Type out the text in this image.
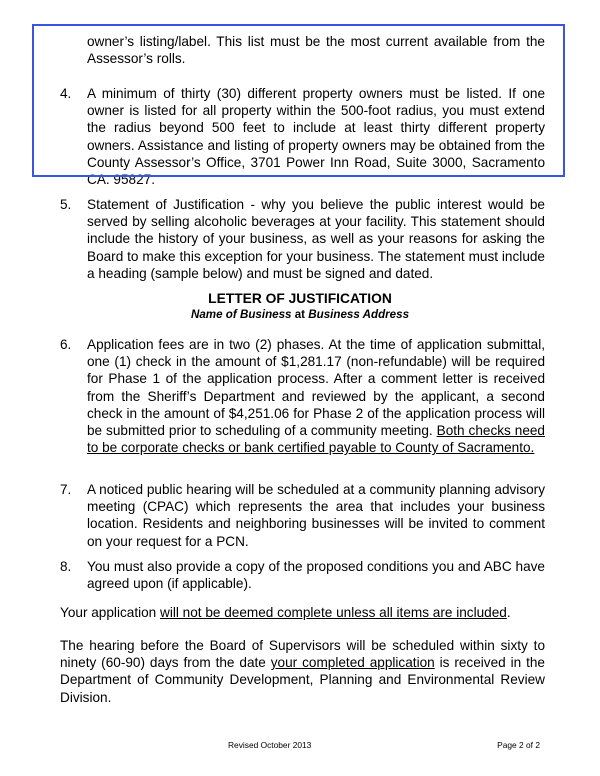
owner’s listing/label. This list must be the most current available from the
Assessor’s rolls.
4.	A minimum of thirty (30) different property owners must be listed. If one owner is listed for all property within the 500-foot radius, you must extend the radius beyond 500 feet to include at least thirty different property owners. Assistance and listing of property owners may be obtained from the County Assessor’s Office, 3701 Power Inn Road, Suite 3000, Sacramento CA. 95827.
5.	Statement of Justification - why you believe the public interest would be served by selling alcoholic beverages at your facility. This statement should include the history of your business, as well as your reasons for asking the Board to make this exception for your business. The statement must include a heading (sample below) and must be signed and dated.
LETTER OF JUSTIFICATION
Name of Business at Business Address
6.	Application fees are in two (2) phases. At the time of application submittal, one (1) check in the amount of $1,281.17 (non-refundable) will be required for Phase 1 of the application process. After a comment letter is received from the Sheriff’s Department and reviewed by the applicant, a second check in the amount of $4,251.06 for Phase 2 of the application process will be submitted prior to scheduling of a community meeting. Both checks need to be corporate checks or bank certified payable to County of Sacramento.
7.	A noticed public hearing will be scheduled at a community planning advisory meeting (CPAC) which represents the area that includes your business location. Residents and neighboring businesses will be invited to comment on your request for a PCN.
8.	You must also provide a copy of the proposed conditions you and ABC have agreed upon (if applicable).
Your application will not be deemed complete unless all items are included.
The hearing before the Board of Supervisors will be scheduled within sixty to ninety (60-90) days from the date your completed application is received in the Department of Community Development, Planning and Environmental Review Division.
Revised October 2013	Page 2 of 2
